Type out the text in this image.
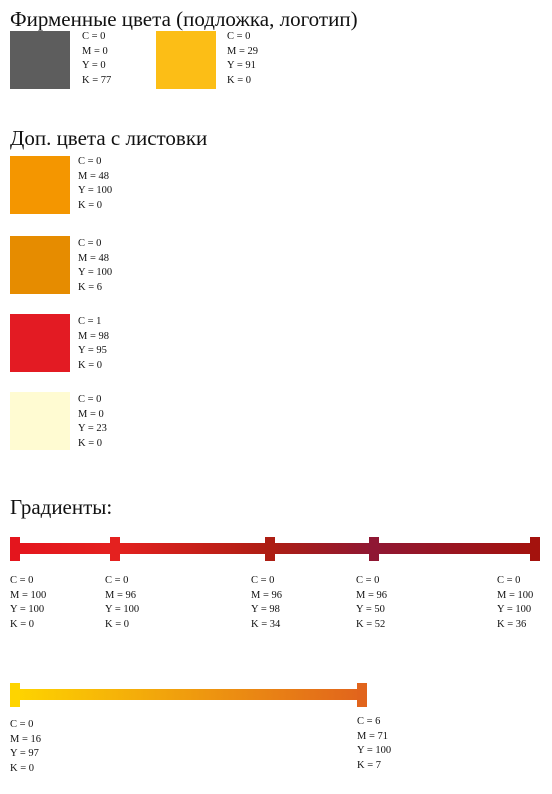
Фирменные цвета (подложка, логотип)
C = 0
M = 0
Y = 0
K = 77
C = 0
M = 29
Y = 91
K = 0
Доп. цвета с листовки
C = 0
M = 48
Y = 100
K = 0
C = 0
M = 48
Y = 100
K = 6
C = 1
M = 98
Y = 95
K = 0
C = 0
M = 0
Y = 23
K = 0
Градиенты:
C = 0
M = 100
Y = 100
K = 0
C = 0
M = 96
Y = 100
K = 0
C = 0
M = 96
Y = 98
K = 34
C = 0
M = 96
Y = 50
K = 52
C = 0
M = 100
Y = 100
K = 36
C = 0
M = 16
Y = 97
K = 0
C = 6
M = 71
Y = 100
K = 7
